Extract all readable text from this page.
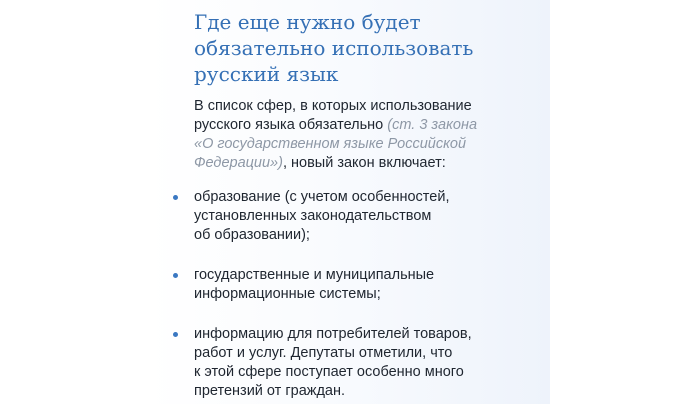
Где еще нужно будет
обязательно использовать
русский язык
В список сфер, в которых использование
русского языка обязательно (ст. 3 закона
«О государственном языке Российской
Федерации»), новый закон включает:
образование (с учетом особенностей,
установленных законодательством
об образовании);
государственные и муниципальные
информационные системы;
информацию для потребителей товаров,
работ и услуг. Депутаты отметили, что
к этой сфере поступает особенно много
претензий от граждан.
